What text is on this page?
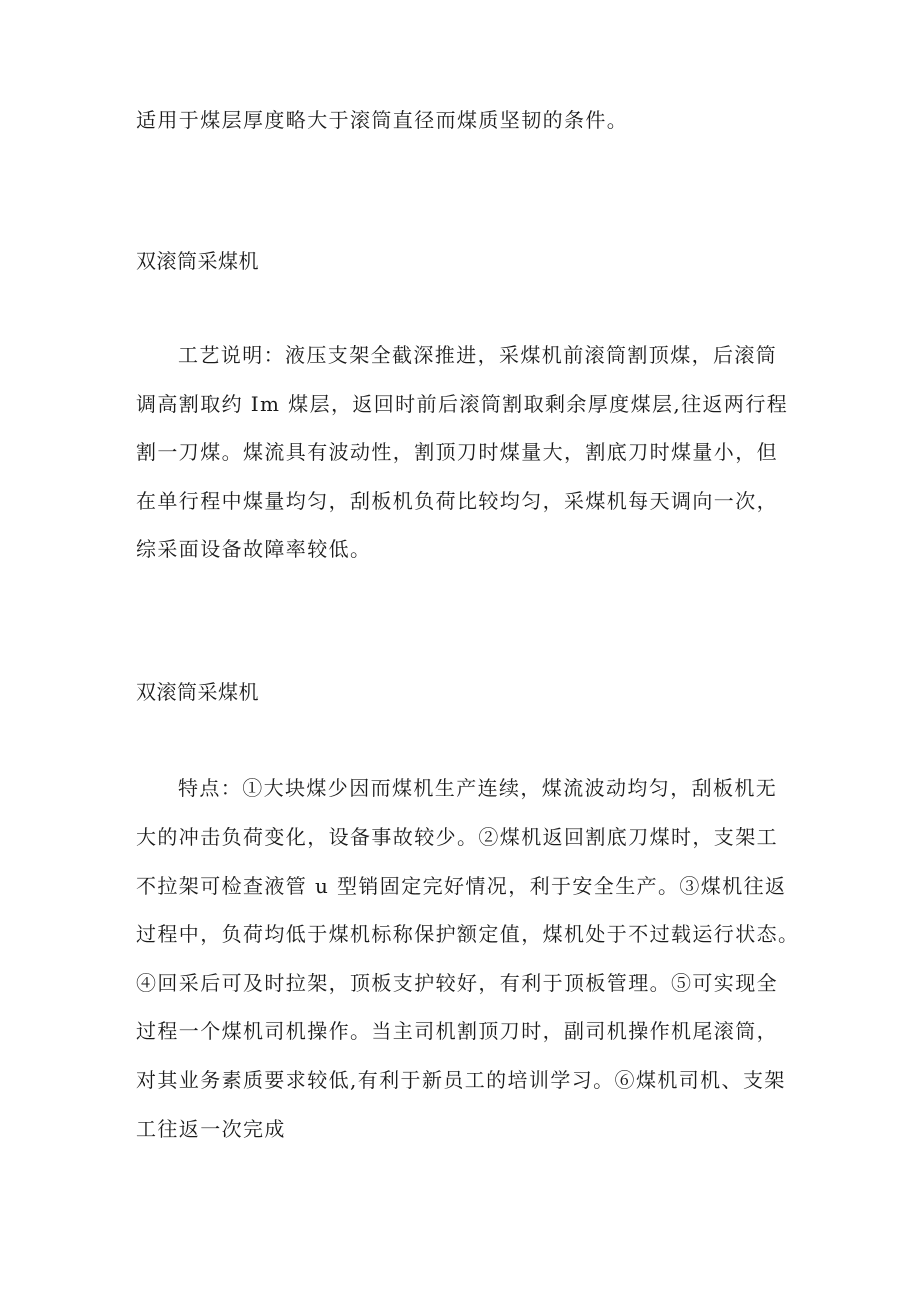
适用于煤层厚度略大于滚筒直径而煤质坚韧的条件。
双滚筒采煤机
工艺说明：液压支架全截深推进，采煤机前滚筒割顶煤，后滚筒
调高割取约 Im 煤层，返回时前后滚筒割取剩余厚度煤层,往返两行程
割一刀煤。煤流具有波动性，割顶刀时煤量大，割底刀时煤量小，但
在单行程中煤量均匀，刮板机负荷比较均匀，采煤机每天调向一次，
综采面设备故障率较低。
双滚筒采煤机
特点：①大块煤少因而煤机生产连续，煤流波动均匀，刮板机无
大的冲击负荷变化，设备事故较少。②煤机返回割底刀煤时，支架工
不拉架可检查液管 u 型销固定完好情况，利于安全生产。③煤机往返
过程中，负荷均低于煤机标称保护额定值，煤机处于不过载运行状态。
④回采后可及时拉架，顶板支护较好，有利于顶板管理。⑤可实现全
过程一个煤机司机操作。当主司机割顶刀时，副司机操作机尾滚筒，
对其业务素质要求较低,有利于新员工的培训学习。⑥煤机司机、支架
工往返一次完成
